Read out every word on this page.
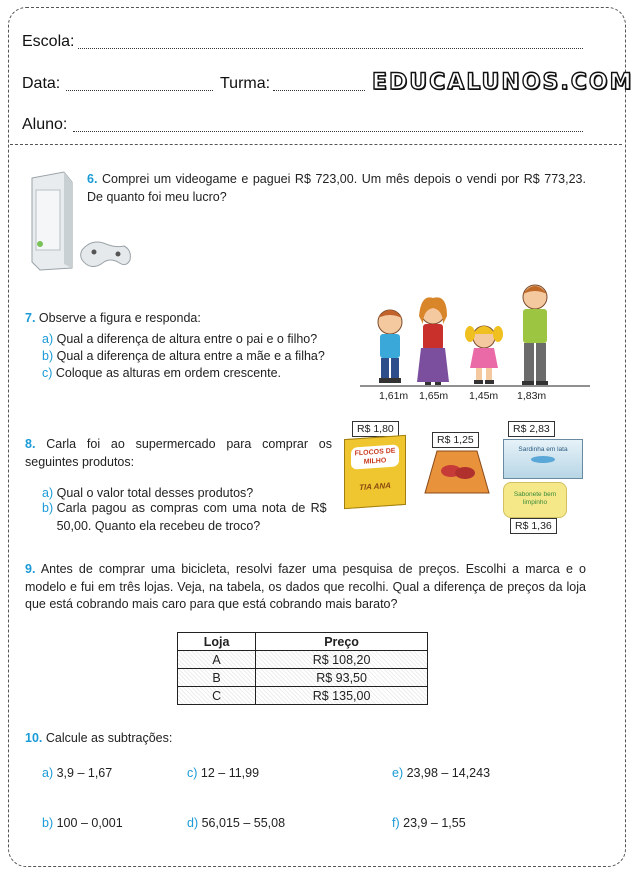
Escola:
Data:	Turma:	EDUCALUNOS.COM
Aluno:
6. Comprei um videogame e paguei R$ 723,00. Um mês depois o vendi por R$ 773,23. De quanto foi meu lucro?
7. Observe a figura e responda:
a) Qual a diferença de altura entre o pai e o filho?
b) Qual a diferença de altura entre a mãe e a filha?
c) Coloque as alturas em ordem crescente.
1,61m 1,65m 1,45m 1,83m
8. Carla foi ao supermercado para comprar os seguintes produtos:
a) Qual o valor total desses produtos?
b) Carla pagou as compras com uma nota de R$ 50,00. Quanto ela recebeu de troco?
R$ 1,80
R$ 1,25
R$ 2,83
R$ 1,36
FLOCOS DE MILHO
TIA ANA
Sardinha em lata
Sabonete bem limpinho
9. Antes de comprar uma bicicleta, resolvi fazer uma pesquisa de preços. Escolhi a marca e o modelo e fui em três lojas. Veja, na tabela, os dados que recolhi. Qual a diferença de preços da loja que está cobrando mais caro para que está cobrando mais barato?
Loja	Preço
A	R$ 108,20
B	R$ 93,50
C	R$ 135,00
10. Calcule as subtrações:
a) 3,9 – 1,67	c) 12 – 11,99	e) 23,98 – 14,243
b) 100 – 0,001	d) 56,015 – 55,08	f) 23,9 – 1,55
